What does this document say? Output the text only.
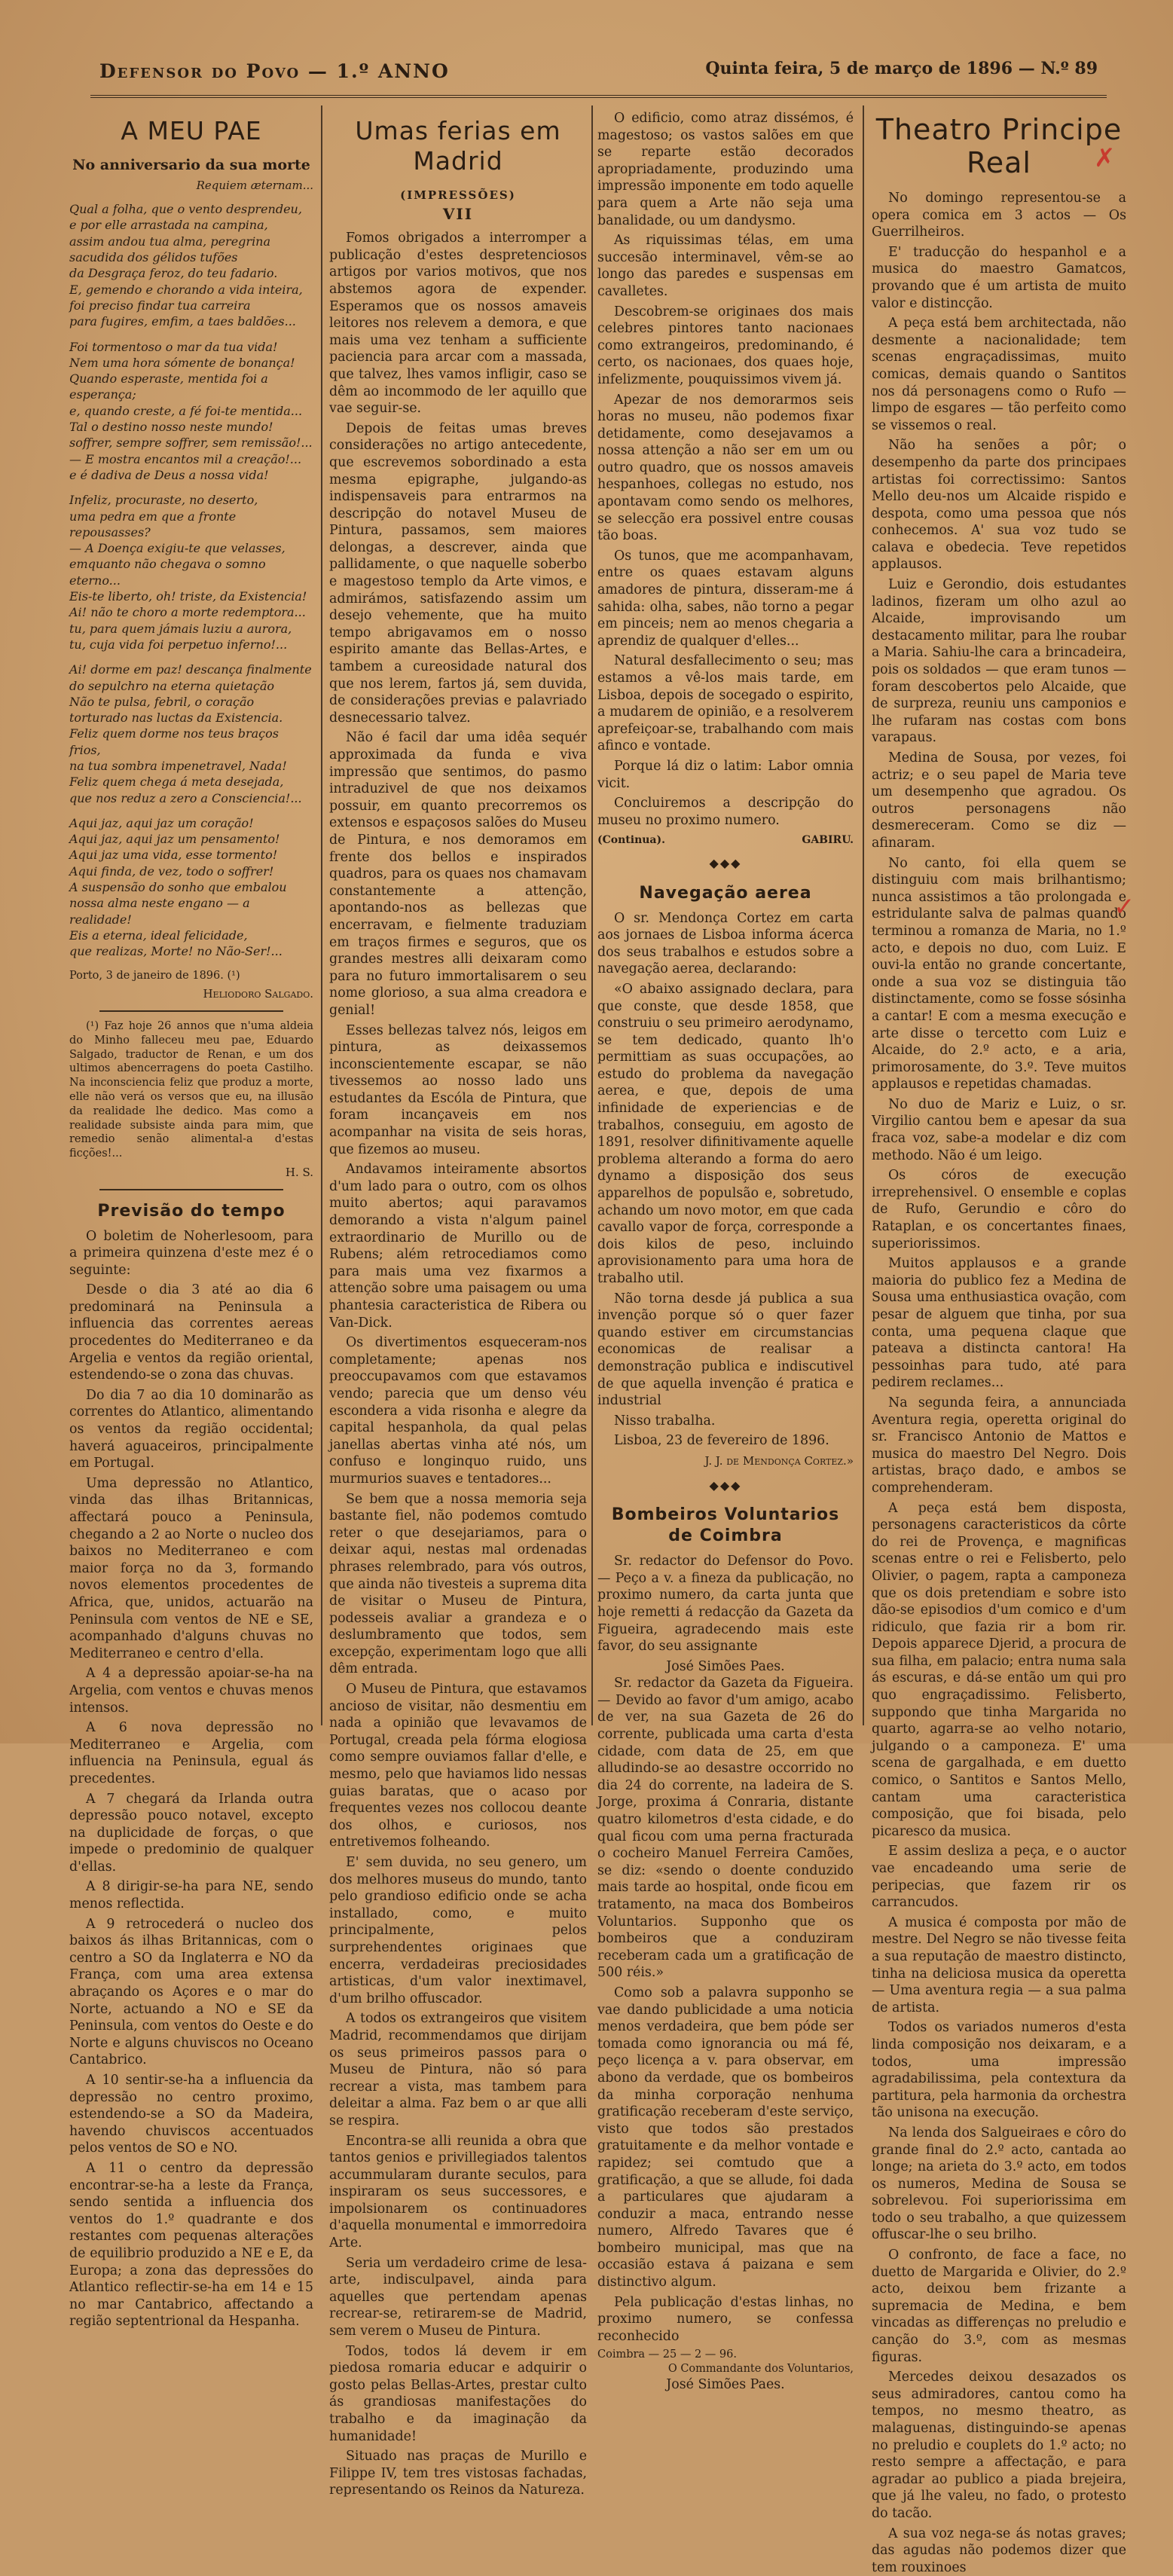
Defensor do Povo — 1.º ANNO	Quinta feira, 5 de março de 1896 — N.º 89
A MEU PAE
No anniversario da sua morte
Requiem æternam...
Qual a folha, que o vento desprendeu,
e por elle arrastada na campina,
assim andou tua alma, peregrina
sacudida dos gélidos tufões
da Desgraça feroz, do teu fadario.
E, gemendo e chorando a vida inteira,
foi preciso findar tua carreira
para fugires, emfim, a taes baldões...
Foi tormentoso o mar da tua vida!
Nem uma hora sómente de bonança!
Quando esperaste, mentida foi a esperança;
e, quando creste, a fé foi-te mentida...
Tal o destino nosso neste mundo!
soffrer, sempre soffrer, sem remissão!...
— E mostra encantos mil a creação!...
e é dadiva de Deus a nossa vida!
Infeliz, procuraste, no deserto,
uma pedra em que a fronte repousasses?
— A Doença exigiu-te que velasses,
emquanto não chegava o somno eterno...
Eis-te liberto, oh! triste, da Existencia!
Ai! não te choro a morte redemptora...
tu, para quem jámais luziu a aurora,
tu, cuja vida foi perpetuo inferno!...
Ai! dorme em paz! descança finalmente
do sepulchro na eterna quietação
Não te pulsa, febril, o coração
torturado nas luctas da Existencia.
Feliz quem dorme nos teus braços frios,
na tua sombra impenetravel, Nada!
Feliz quem chega á meta desejada,
que nos reduz a zero a Consciencia!...
Aqui jaz, aqui jaz um coração!
Aqui jaz, aqui jaz um pensamento!
Aqui jaz uma vida, esse tormento!
Aqui finda, de vez, todo o soffrer!
A suspensão do sonho que embalou
nossa alma neste engano — a realidade!
Eis a eterna, ideal felicidade,
que realizas, Morte! no Não-Ser!...

Porto, 3 de janeiro de 1896. (¹)

Heliodoro Salgado.

(¹) Faz hoje 26 annos que n'uma aldeia do Minho falleceu meu pae, Eduardo Salgado, traductor de Renan, e um dos ultimos abencerragens do poeta Castilho. Na inconsciencia feliz que produz a morte, elle não verá os versos que eu, na illusão da realidade lhe dedico. Mas como a realidade subsiste ainda para mim, que remedio senão alimental-a d'estas ficções!...

H. S.
Previsão do tempo

O boletim de Noherlesoom, para a primeira quinzena d'este mez é o seguinte:

Desde o dia 3 até ao dia 6 predominará na Peninsula a influencia das correntes aereas procedentes do Mediterraneo e da Argelia e ventos da região oriental, estendendo-se o zona das chuvas.

Do dia 7 ao dia 10 dominarão as correntes do Atlantico, alimentando os ventos da região occidental; haverá aguaceiros, principalmente em Portugal.

Uma depressão no Atlantico, vinda das ilhas Britannicas, affectará pouco a Peninsula, chegando a 2 ao Norte o nucleo dos baixos no Mediterraneo e com maior força no da 3, formando novos elementos procedentes de Africa, que, unidos, actuarão na Peninsula com ventos de NE e SE, acompanhado d'alguns chuvas no Mediterraneo e centro d'ella.

A 4 a depressão apoiar-se-ha na Argelia, com ventos e chuvas menos intensos.

A 6 nova depressão no Mediterraneo e Argelia, com influencia na Peninsula, egual ás precedentes.

A 7 chegará da Irlanda outra depressão pouco notavel, excepto na duplicidade de forças, o que impede o predominio de qualquer d'ellas.

A 8 dirigir-se-ha para NE, sendo menos reflectida.

A 9 retrocederá o nucleo dos baixos ás ilhas Britannicas, com o centro a SO da Inglaterra e NO da França, com uma area extensa abraçando os Açores e o mar do Norte, actuando a NO e SE da Peninsula, com ventos do Oeste e do Norte e alguns chuviscos no Oceano Cantabrico.

A 10 sentir-se-ha a influencia da depressão no centro proximo, estendendo-se a SO da Madeira, havendo chuviscos accentuados pelos ventos de SO e NO.

A 11 o centro da depressão encontrar-se-ha a leste da França, sendo sentida a influencia dos ventos do 1.º quadrante e dos restantes com pequenas alterações de equilibrio produzido a NE e E, da Europa; a zona das depressões do Atlantico reflectir-se-ha em 14 e 15 no mar Cantabrico, affectando a região septentrional da Hespanha.

Umas ferias em Madrid
(IMPRESSÕES)
VII

Fomos obrigados a interromper a publicação d'estes despretenciosos artigos por varios motivos, que nos abstemos agora de expender. Esperamos que os nossos amaveis leitores nos relevem a demora, e que mais uma vez tenham a sufficiente paciencia para arcar com a massada, que talvez, lhes vamos infligir, caso se dêm ao incommodo de ler aquillo que vae seguir-se.

Depois de feitas umas breves considerações no artigo antecedente, que escrevemos sobordinado a esta mesma epigraphe, julgando-as indispensaveis para entrarmos na descripção do notavel Museu de Pintura, passamos, sem maiores delongas, a descrever, ainda que pallidamente, o que naquelle soberbo e magestoso templo da Arte vimos, e admirámos, satisfazendo assim um desejo vehemente, que ha muito tempo abrigavamos em o nosso espirito amante das Bellas-Artes, e tambem a cureosidade natural dos que nos lerem, fartos já, sem duvida, de considerações previas e palavriado desnecessario talvez.

Não é facil dar uma idêa sequér approximada da funda e viva impressão que sentimos, do pasmo intraduzivel de que nos deixamos possuir, em quanto precorremos os extensos e espaçosos salões do Museu de Pintura, e nos demoramos em frente dos bellos e inspirados quadros, para os quaes nos chamavam constantemente a attenção, apontando-nos as bellezas que encerravam, e fielmente traduziam em traços firmes e seguros, que os grandes mestres alli deixaram como para no futuro immortalisarem o seu nome glorioso, a sua alma creadora e genial!

Esses bellezas talvez nós, leigos em pintura, as deixassemos inconscientemente escapar, se não tivessemos ao nosso lado uns estudantes da Escóla de Pintura, que foram incançaveis em nos acompanhar na visita de seis horas, que fizemos ao museu.

Andavamos inteiramente absortos d'um lado para o outro, com os olhos muito abertos; aqui paravamos demorando a vista n'algum painel extraordinario de Murillo ou de Rubens; além retrocediamos como para mais uma vez fixarmos a attenção sobre uma paisagem ou uma phantesia caracteristica de Ribera ou Van-Dick.

Os divertimentos esqueceram-nos completamente; apenas nos preoccupavamos com que estavamos vendo; parecia que um denso véu escondera a vida risonha e alegre da capital hespanhola, da qual pelas janellas abertas vinha até nós, um confuso e longinquo ruido, uns murmurios suaves e tentadores...

Se bem que a nossa memoria seja bastante fiel, não podemos comtudo reter o que desejariamos, para o deixar aqui, nestas mal ordenadas phrases relembrado, para vós outros, que ainda não tivesteis a suprema dita de visitar o Museu de Pintura, podesseis avaliar a grandeza e o deslumbramento que todos, sem excepção, experimentam logo que alli dêm entrada.

O Museu de Pintura, que estavamos ancioso de visitar, não desmentiu em nada a opinião que levavamos de Portugal, creada pela fórma elogiosa como sempre ouviamos fallar d'elle, e mesmo, pelo que haviamos lido nessas guias baratas, que o acaso por frequentes vezes nos collocou deante dos olhos, e curiosos, nos entretivemos folheando.

E' sem duvida, no seu genero, um dos melhores museus do mundo, tanto pelo grandioso edificio onde se acha installado, como, e muito principalmente, pelos surprehendentes originaes que encerra, verdadeiras preciosidades artisticas, d'um valor inextimavel, d'um brilho offuscador.

A todos os extrangeiros que visitem Madrid, recommendamos que dirijam os seus primeiros passos para o Museu de Pintura, não só para recrear a vista, mas tambem para deleitar a alma. Faz bem o ar que alli se respira.

Encontra-se alli reunida a obra que tantos genios e privillegiados talentos accummularam durante seculos, para inspiraram os seus successores, e impolsionarem os continuadores d'aquella monumental e immorredoira Arte.

Seria um verdadeiro crime de lesa-arte, indisculpavel, ainda para aquelles que pertendam apenas recrear-se, retirarem-se de Madrid, sem verem o Museu de Pintura.

Todos, todos lá devem ir em piedosa romaria educar e adquirir o gosto pelas Bellas-Artes, prestar culto ás grandiosas manifestações do trabalho e da imaginação da humanidade!

Situado nas praças de Murillo e Filippe IV, tem tres vistosas fachadas, representando os Reinos da Natureza.

O edificio, como atraz dissémos, é magestoso; os vastos salões em que se reparte estão decorados apropriadamente, produzindo uma impressão imponente em todo aquelle para quem a Arte não seja uma banalidade, ou um dandysmo.

As riquissimas télas, em uma succesão interminavel, vêm-se ao longo das paredes e suspensas em cavalletes.

Descobrem-se originaes dos mais celebres pintores tanto nacionaes como extrangeiros, predominando, é certo, os nacionaes, dos quaes hoje, infelizmente, pouquissimos vivem já.

Apezar de nos demorarmos seis horas no museu, não podemos fixar detidamente, como desejavamos a nossa attenção a não ser em um ou outro quadro, que os nossos amaveis hespanhoes, collegas no estudo, nos apontavam como sendo os melhores, se selecção era possivel entre cousas tão boas.

Os tunos, que me acompanhavam, entre os quaes estavam alguns amadores de pintura, disseram-me á sahida: olha, sabes, não torno a pegar em pinceis; nem ao menos chegaria a aprendiz de qualquer d'elles...

Natural desfallecimento o seu; mas estamos a vê-los mais tarde, em Lisboa, depois de socegado o espirito, a mudarem de opinião, e a resolverem aprefeiçoar-se, trabalhando com mais afinco e vontade.

Porque lá diz o latim: Labor omnia vicit.

Concluiremos a descripção do museu no proximo numero.

(Continua).	GABIRU.
◆◆◆
Navegação aerea

O sr. Mendonça Cortez em carta aos jornaes de Lisboa informa ácerca dos seus trabalhos e estudos sobre a navegação aerea, declarando:

«O abaixo assignado declara, para que conste, que desde 1858, que construiu o seu primeiro aerodynamo, se tem dedicado, quanto lh'o permittiam as suas occupações, ao estudo do problema da navegação aerea, e que, depois de uma infinidade de experiencias e de trabalhos, conseguiu, em agosto de 1891, resolver difinitivamente aquelle problema alterando a forma do aero dynamo a disposição dos seus apparelhos de populsão e, sobretudo, achando um novo motor, em que cada cavallo vapor de força, corresponde a dois kilos de peso, incluindo aprovisionamento para uma hora de trabalho util.

Não torna desde já publica a sua invenção porque só o quer fazer quando estiver em circumstancias economicas de realisar a demonstração publica e indiscutivel de que aquella invenção é pratica e industrial

Nisso trabalha.

Lisboa, 23 de fevereiro de 1896.

J. J. de Mendonça Cortez.»
◆◆◆
Bombeiros Voluntarios de Coimbra

Sr. redactor do Defensor do Povo. — Peço a v. a fineza da publicação, no proximo numero, da carta junta que hoje remetti á redacção da Gazeta da Figueira, agradecendo mais este favor, do seu assignante

José Simões Paes.

Sr. redactor da Gazeta da Figueira. — Devido ao favor d'um amigo, acabo de ver, na sua Gazeta de 26 do corrente, publicada uma carta d'esta cidade, com data de 25, em que alludindo-se ao desastre occorrido no dia 24 do corrente, na ladeira de S. Jorge, proxima á Conraria, distante quatro kilometros d'esta cidade, e do qual ficou com uma perna fracturada o cocheiro Manuel Ferreira Camões, se diz: «sendo o doente conduzido mais tarde ao hospital, onde ficou em tratamento, na maca dos Bombeiros Voluntarios. Supponho que os bombeiros que a conduziram receberam cada um a gratificação de 500 réis.»

Como sob a palavra supponho se vae dando publicidade a uma noticia menos verdadeira, que bem póde ser tomada como ignorancia ou má fé, peço licença a v. para observar, em abono da verdade, que os bombeiros da minha corporação nenhuma gratificação receberam d'este serviço, visto que todos são prestados gratuitamente e da melhor vontade e rapidez; sei comtudo que a gratificação, a que se allude, foi dada a particulares que ajudaram a conduzir a maca, entrando nesse numero, Alfredo Tavares que é bombeiro municipal, mas que na occasião estava á paizana e sem distinctivo algum.

Pela publicação d'estas linhas, no proximo numero, se confessa reconhecido

Coimbra — 25 — 2 — 96.
O Commandante dos Voluntarios,
José Simões Paes.
Theatro Principe Real

No domingo representou-se a opera comica em 3 actos — Os Guerrilheiros.

E' traducção do hespanhol e a musica do maestro Gamatcos, provando que é um artista de muito valor e distincção.

A peça está bem architectada, não desmente a nacionalidade; tem scenas engraçadissimas, muito comicas, demais quando o Santitos nos dá personagens como o Rufo — limpo de esgares — tão perfeito como se vissemos o real.

Não ha senões a pôr; o desempenho da parte dos principaes artistas foi correctissimo: Santos Mello deu-nos um Alcaide rispido e despota, como uma pessoa que nós conhecemos. A' sua voz tudo se calava e obedecia. Teve repetidos applausos.

Luiz e Gerondio, dois estudantes ladinos, fizeram um olho azul ao Alcaide, improvisando um destacamento militar, para lhe roubar a Maria. Sahiu-lhe cara a brincadeira, pois os soldados — que eram tunos — foram descobertos pelo Alcaide, que de surpreza, reuniu uns camponios e lhe rufaram nas costas com bons varapaus.

Medina de Sousa, por vezes, foi actriz; e o seu papel de Maria teve um desempenho que agradou. Os outros personagens não desmereceram. Como se diz — afinaram.

No canto, foi ella quem se distinguiu com mais brilhantismo; nunca assistimos a tão prolongada e estridulante salva de palmas quando terminou a romanza de Maria, no 1.º acto, e depois no duo, com Luiz. E ouvi-la então no grande concertante, onde a sua voz se distinguia tão distinctamente, como se fosse sósinha a cantar! E com a mesma execução e arte disse o tercetto com Luiz e Alcaide, do 2.º acto, e a aria, primorosamente, do 3.º. Teve muitos applausos e repetidas chamadas.

No duo de Mariz e Luiz, o sr. Virgilio cantou bem e apesar da sua fraca voz, sabe-a modelar e diz com methodo. Não é um leigo.

Os córos de execução irreprehensivel. O ensemble e coplas de Rufo, Gerundio e côro do Rataplan, e os concertantes finaes, superiorissimos.

Muitos applausos e a grande maioria do publico fez a Medina de Sousa uma enthusiastica ovação, com pesar de alguem que tinha, por sua conta, uma pequena claque que pateava a distincta cantora! Ha pessoinhas para tudo, até para pedirem reclames...

Na segunda feira, a annunciada Aventura regia, operetta original do sr. Francisco Antonio de Mattos e musica do maestro Del Negro. Dois artistas, braço dado, e ambos se comprehenderam.

A peça está bem disposta, personagens caracteristicos da côrte do rei de Provença, e magnificas scenas entre o rei e Felisberto, pelo Olivier, o pagem, rapta a camponeza que os dois pretendiam e sobre isto dão-se episodios d'um comico e d'um ridiculo, que fazia rir a bom rir. Depois apparece Djerid, a procura de sua filha, em palacio; entra numa sala ás escuras, e dá-se então um qui pro quo engraçadissimo. Felisberto, suppondo que tinha Margarida no quarto, agarra-se ao velho notario, julgando o a camponeza. E' uma scena de gargalhada, e em duetto comico, o Santitos e Santos Mello, cantam uma caracteristica composição, que foi bisada, pelo picaresco da musica.

E assim desliza a peça, e o auctor vae encadeando uma serie de peripecias, que fazem rir os carrancudos.

A musica é composta por mão de mestre. Del Negro se não tivesse feita a sua reputação de maestro distincto, tinha na deliciosa musica da operetta — Uma aventura regia — a sua palma de artista.

Todos os variados numeros d'esta linda composição nos deixaram, e a todos, uma impressão agradabilissima, pela contextura da partitura, pela harmonia da orchestra tão unisona na execução.

Na lenda dos Salgueiraes e côro do grande final do 2.º acto, cantada ao longe; na arieta do 3.º acto, em todos os numeros, Medina de Sousa se sobrelevou. Foi superiorissima em todo o seu trabalho, a que quizessem offuscar-lhe o seu brilho.

O confronto, de face a face, no duetto de Margarida e Olivier, do 2.º acto, deixou bem frizante a supremacia de Medina, e bem vincadas as differenças no preludio e canção do 3.º, com as mesmas figuras.

Mercedes deixou desazados os seus admiradores, cantou como ha tempos, no mesmo theatro, as malaguenas, distinguindo-se apenas no preludio e couplets do 1.º acto; no resto sempre a affectação, e para agradar ao publico a piada brejeira, que já lhe valeu, no fado, o protesto do tacão.

A sua voz nega-se ás notas graves; das agudas não podemos dizer que tem rouxinoes

✗
✓
